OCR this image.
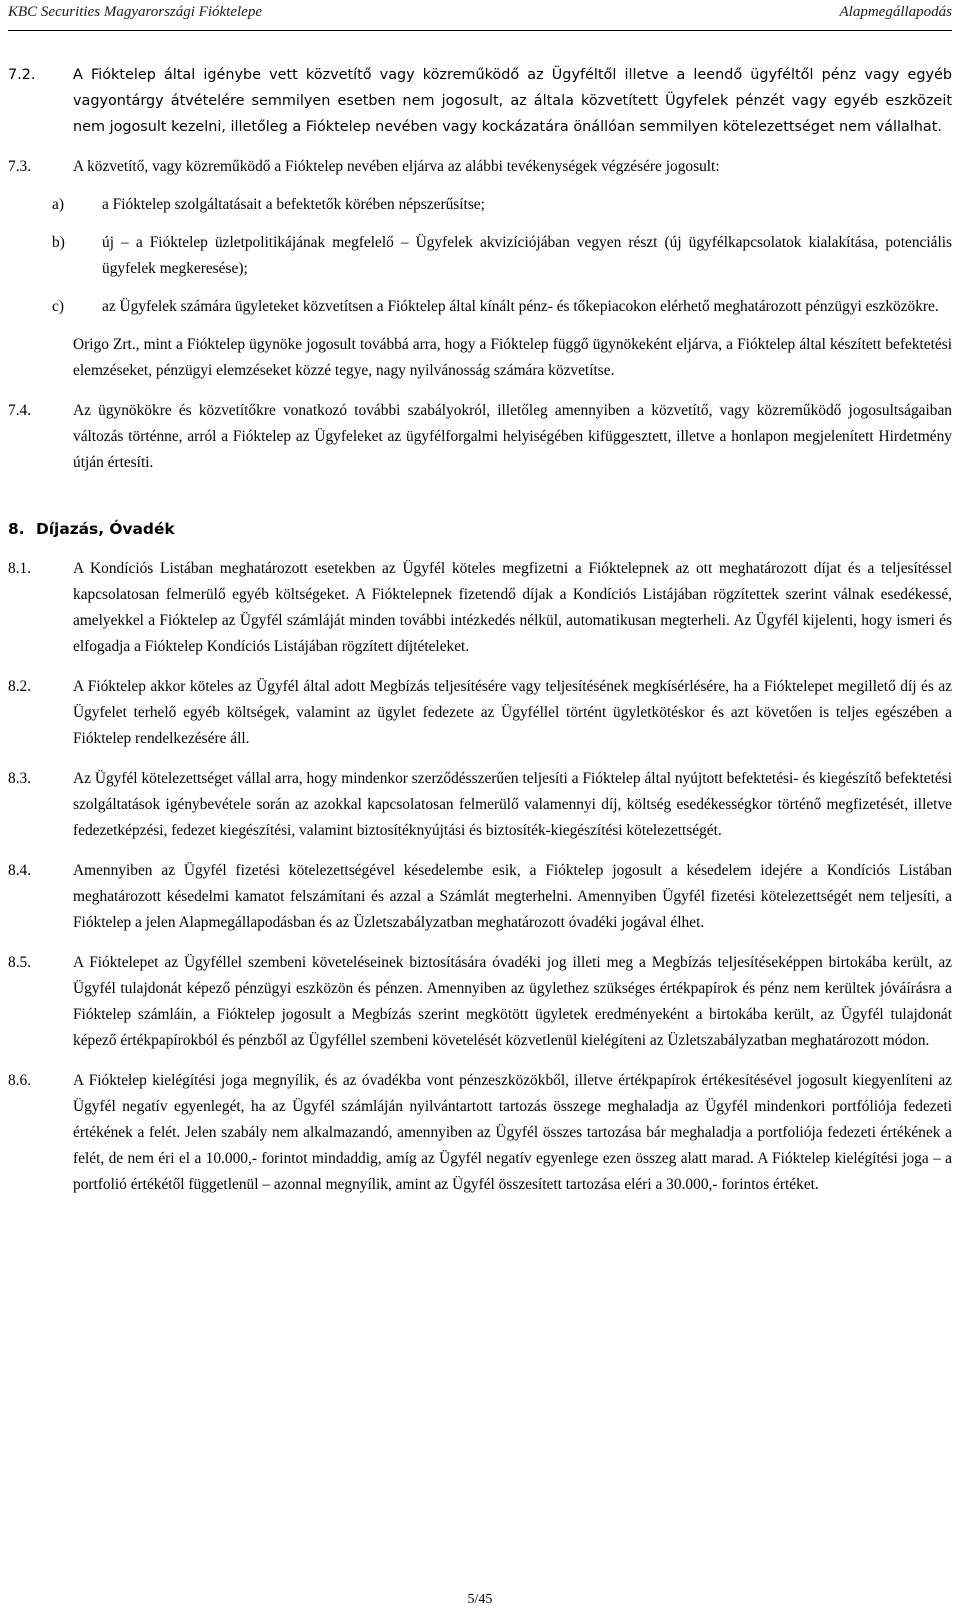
KBC Securities Magyarországi Fióktelepe	Alapmegállapodás
7.2.	A Fióktelep által igénybe vett közvetítő vagy közreműködő az Ügyféltől illetve a leendő ügyféltől pénz vagy egyéb vagyontárgy átvételére semmilyen esetben nem jogosult, az általa közvetített Ügyfelek pénzét vagy egyéb eszközeit nem jogosult kezelni, illetőleg a Fióktelep nevében vagy kockázatára önállóan semmilyen kötelezettséget nem vállalhat.
7.3.	A közvetítő, vagy közreműködő a Fióktelep nevében eljárva az alábbi tevékenységek végzésére jogosult:
a)	a Fióktelep szolgáltatásait a befektetők körében népszerűsítse;
b)	új – a Fióktelep üzletpolitikájának megfelelő – Ügyfelek akvizíciójában vegyen részt (új ügyfélkapcsolatok kialakítása, potenciális ügyfelek megkeresése);
c)	az Ügyfelek számára ügyleteket közvetítsen a Fióktelep által kínált pénz- és tőkepiacokon elérhető meghatározott pénzügyi eszközökre.
Origo Zrt., mint a Fióktelep ügynöke jogosult továbbá arra, hogy a Fióktelep függő ügynökeként eljárva, a Fióktelep által készített befektetési elemzéseket, pénzügyi elemzéseket közzé tegye, nagy nyilvánosság számára közvetítse.
7.4.	Az ügynökökre és közvetítőkre vonatkozó további szabályokról, illetőleg amennyiben a közvetítő, vagy közreműködő jogosultságaiban változás történne, arról a Fióktelep az Ügyfeleket az ügyfélforgalmi helyiségében kifüggesztett, illetve a honlapon megjelenített Hirdetmény útján értesíti.
8. Díjazás, Óvadék
8.1.	A Kondíciós Listában meghatározott esetekben az Ügyfél köteles megfizetni a Fióktelepnek az ott meghatározott díjat és a teljesítéssel kapcsolatosan felmerülő egyéb költségeket. A Fióktelepnek fizetendő díjak a Kondíciós Listájában rögzítettek szerint válnak esedékessé, amelyekkel a Fióktelep az Ügyfél számláját minden további intézkedés nélkül, automatikusan megterheli. Az Ügyfél kijelenti, hogy ismeri és elfogadja a Fióktelep Kondíciós Listájában rögzített díjtételeket.
8.2.	A Fióktelep akkor köteles az Ügyfél által adott Megbízás teljesítésére vagy teljesítésének megkísérlésére, ha a Fióktelepet megillető díj és az Ügyfelet terhelő egyéb költségek, valamint az ügylet fedezete az Ügyféllel történt ügyletkötéskor és azt követően is teljes egészében a Fióktelep rendelkezésére áll.
8.3.	Az Ügyfél kötelezettséget vállal arra, hogy mindenkor szerződésszerűen teljesíti a Fióktelep által nyújtott befektetési- és kiegészítő befektetési szolgáltatások igénybevétele során az azokkal kapcsolatosan felmerülő valamennyi díj, költség esedékességkor történő megfizetését, illetve fedezetképzési, fedezet kiegészítési, valamint biztosítéknyújtási és biztosíték-kiegészítési kötelezettségét.
8.4.	Amennyiben az Ügyfél fizetési kötelezettségével késedelembe esik, a Fióktelep jogosult a késedelem idejére a Kondíciós Listában meghatározott késedelmi kamatot felszámítani és azzal a Számlát megterhelni. Amennyiben Ügyfél fizetési kötelezettségét nem teljesíti, a Fióktelep a jelen Alapmegállapodásban és az Üzletszabályzatban meghatározott óvadéki jogával élhet.
8.5.	A Fióktelepet az Ügyféllel szembeni követeléseinek biztosítására óvadéki jog illeti meg a Megbízás teljesítéseképpen birtokába került, az Ügyfél tulajdonát képező pénzügyi eszközön és pénzen. Amennyiben az ügylethez szükséges értékpapírok és pénz nem kerültek jóváírásra a Fióktelep számláin, a Fióktelep jogosult a Megbízás szerint megkötött ügyletek eredményeként a birtokába került, az Ügyfél tulajdonát képező értékpapírokból és pénzből az Ügyféllel szembeni követelését közvetlenül kielégíteni az Üzletszabályzatban meghatározott módon.
8.6.	A Fióktelep kielégítési joga megnyílik, és az óvadékba vont pénzeszközökből, illetve értékpapírok értékesítésével jogosult kiegyenlíteni az Ügyfél negatív egyenlegét, ha az Ügyfél számláján nyilvántartott tartozás összege meghaladja az Ügyfél mindenkori portfóliója fedezeti értékének a felét. Jelen szabály nem alkalmazandó, amennyiben az Ügyfél összes tartozása bár meghaladja a portfoliója fedezeti értékének a felét, de nem éri el a 10.000,- forintot mindaddig, amíg az Ügyfél negatív egyenlege ezen összeg alatt marad. A Fióktelep kielégítési joga – a portfolió értékétől függetlenül – azonnal megnyílik, amint az Ügyfél összesített tartozása eléri a 30.000,- forintos értéket.
5/45
